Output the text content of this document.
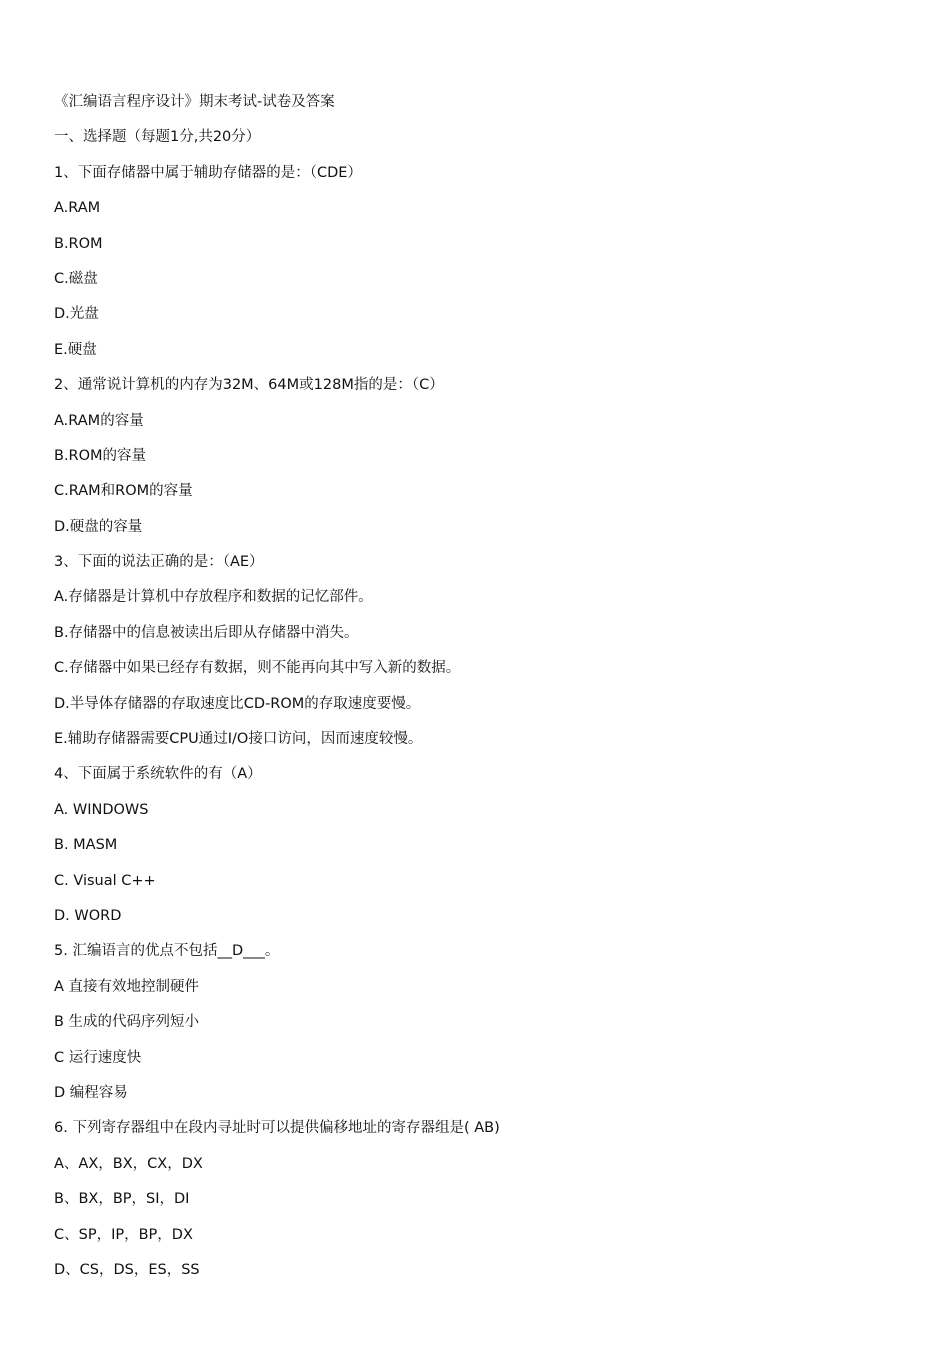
《汇编语言程序设计》期末考试-试卷及答案
一、选择题（每题1分,共20分）
1、下面存储器中属于辅助存储器的是：（CDE）
A.RAM
B.ROM
C.磁盘
D.光盘
E.硬盘
2、通常说计算机的内存为32M、64M或128M指的是：（C）
A.RAM的容量
B.ROM的容量
C.RAM和ROM的容量
D.硬盘的容量
3、下面的说法正确的是：（AE）
A.存储器是计算机中存放程序和数据的记忆部件。
B.存储器中的信息被读出后即从存储器中消失。
C.存储器中如果已经存有数据，则不能再向其中写入新的数据。
D.半导体存储器的存取速度比CD-ROM的存取速度要慢。
E.辅助存储器需要CPU通过I/O接口访问，因而速度较慢。
4、下面属于系统软件的有（A）
A. WINDOWS
B. MASM
C. Visual C++
D. WORD
5. 汇编语言的优点不包括__D___。
A 直接有效地控制硬件
B 生成的代码序列短小
C 运行速度快
D 编程容易
6. 下列寄存器组中在段内寻址时可以提供偏移地址的寄存器组是( AB)
A、AX，BX，CX，DX
B、BX，BP，SI，DI
C、SP，IP，BP，DX
D、CS，DS，ES，SS
